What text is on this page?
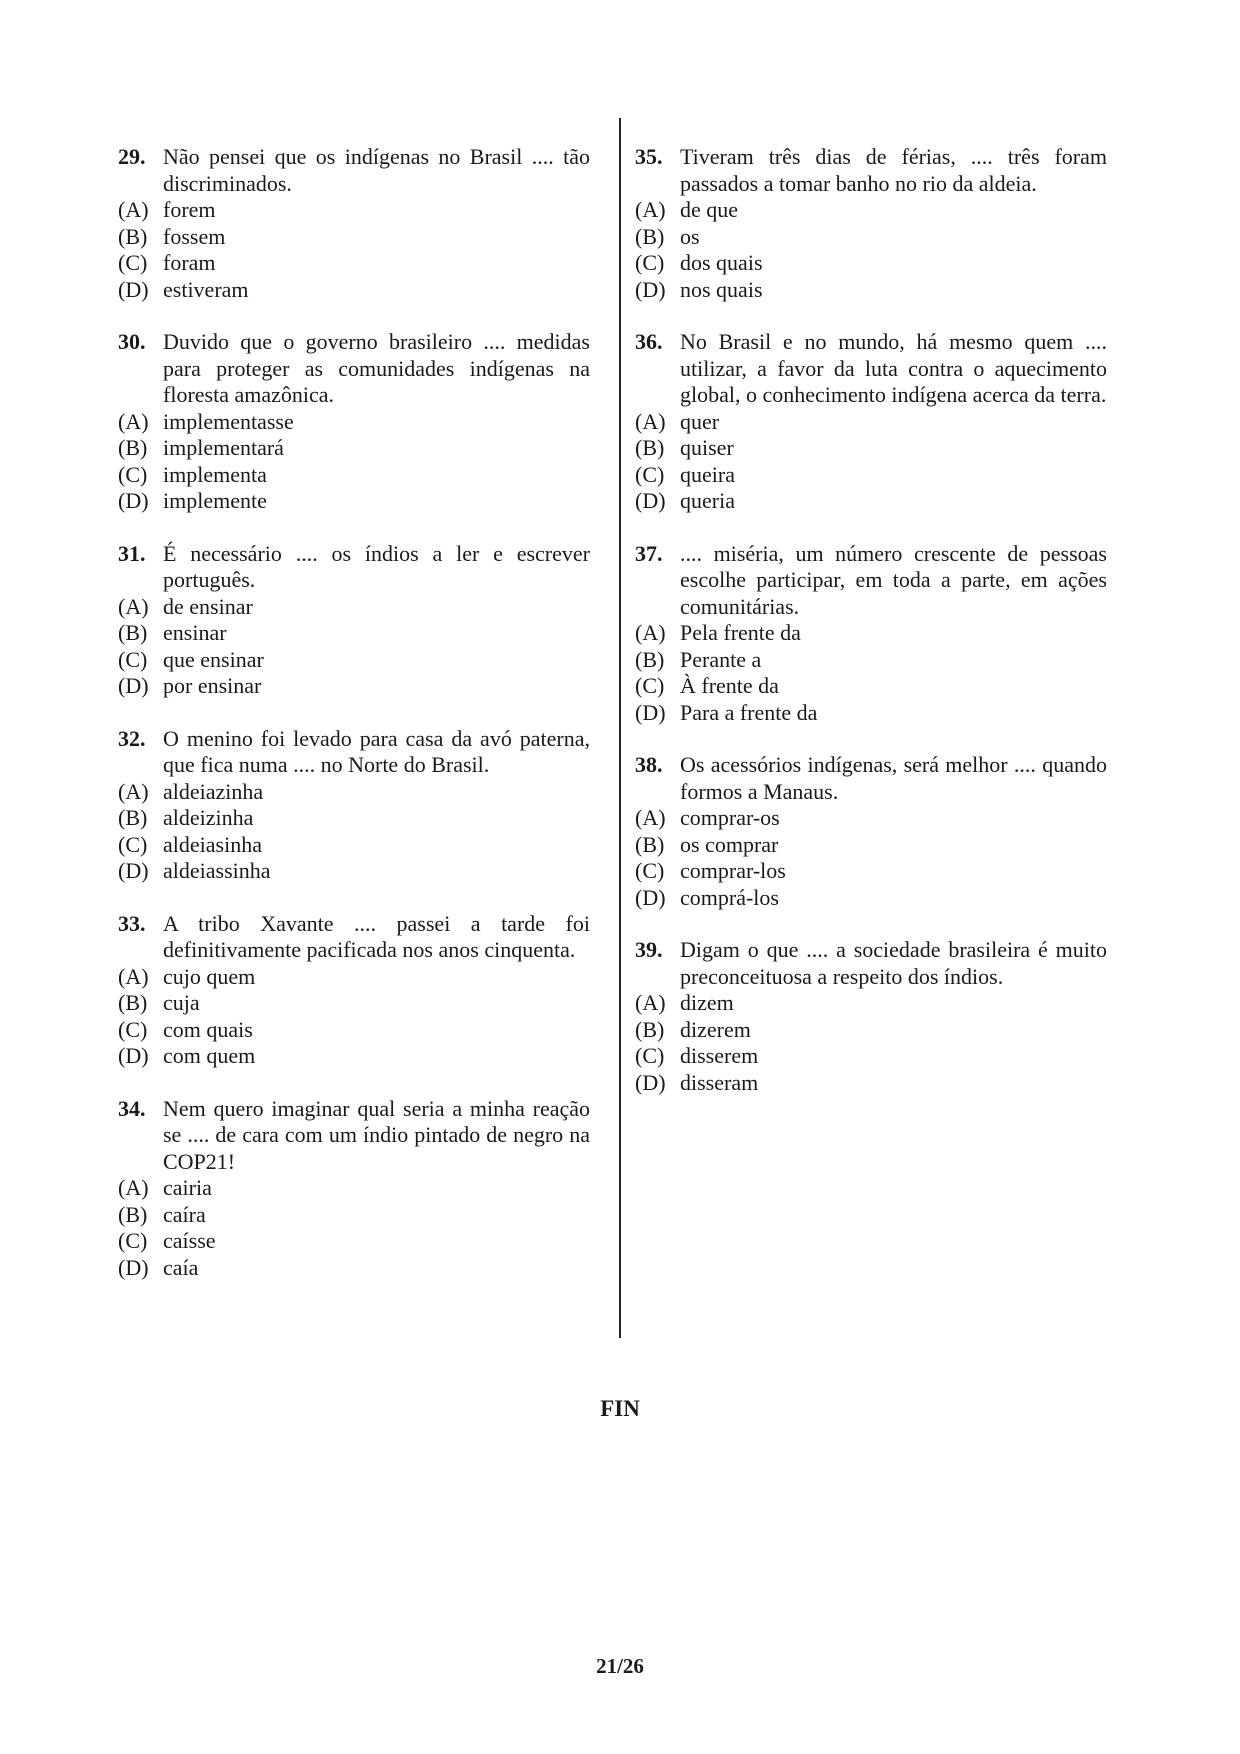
29. Não pensei que os indígenas no Brasil .... tão discriminados.
(A) forem
(B) fossem
(C) foram
(D) estiveram
30. Duvido que o governo brasileiro .... medidas para proteger as comunidades indígenas na floresta amazônica.
(A) implementasse
(B) implementará
(C) implementa
(D) implemente
31. É necessário .... os índios a ler e escrever português.
(A) de ensinar
(B) ensinar
(C) que ensinar
(D) por ensinar
32. O menino foi levado para casa da avó paterna, que fica numa .... no Norte do Brasil.
(A) aldeiazinha
(B) aldeizinha
(C) aldeiasinha
(D) aldeiassinha
33. A tribo Xavante .... passei a tarde foi definitivamente pacificada nos anos cinquenta.
(A) cujo quem
(B) cuja
(C) com quais
(D) com quem
34. Nem quero imaginar qual seria a minha reação se .... de cara com um índio pintado de negro na COP21!
(A) cairia
(B) caíra
(C) caísse
(D) caía
35. Tiveram três dias de férias, .... três foram passados a tomar banho no rio da aldeia.
(A) de que
(B) os
(C) dos quais
(D) nos quais
36. No Brasil e no mundo, há mesmo quem .... utilizar, a favor da luta contra o aquecimento global, o conhecimento indígena acerca da terra.
(A) quer
(B) quiser
(C) queira
(D) queria
37. .... miséria, um número crescente de pessoas escolhe participar, em toda a parte, em ações comunitárias.
(A) Pela frente da
(B) Perante a
(C) À frente da
(D) Para a frente da
38. Os acessórios indígenas, será melhor .... quando formos a Manaus.
(A) comprar-os
(B) os comprar
(C) comprar-los
(D) comprá-los
39. Digam o que .... a sociedade brasileira é muito preconceituosa a respeito dos índios.
(A) dizem
(B) dizerem
(C) disserem
(D) disseram
FIN
21/26
